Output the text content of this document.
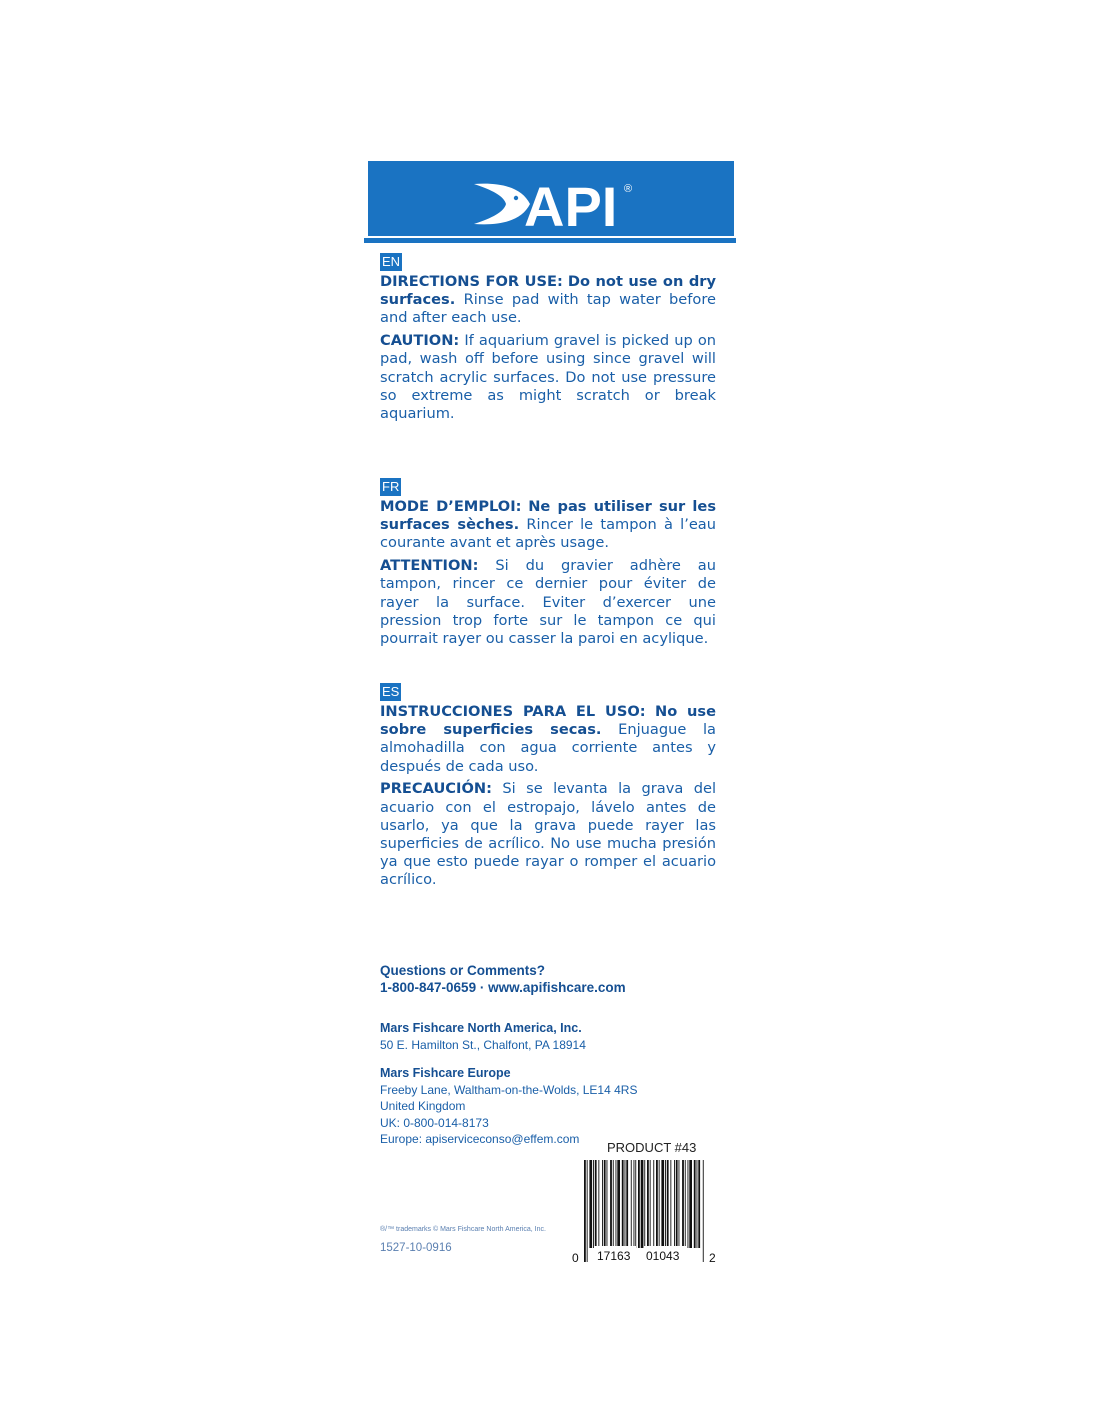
API ®
EN

DIRECTIONS FOR USE: Do not use on dry surfaces. Rinse pad with tap water before and after each use.

CAUTION: If aquarium gravel is picked up on pad, wash off before using since gravel will scratch acrylic surfaces. Do not use pressure so extreme as might scratch or break aquarium.

FR

MODE D’EMPLOI: Ne pas utiliser sur les surfaces sèches. Rincer le tampon à l’eau courante avant et après usage.

ATTENTION: Si du gravier adhère au tampon, rincer ce dernier pour éviter de rayer la surface. Eviter d’exercer une pression trop forte sur le tampon ce qui pourrait rayer ou casser la paroi en acylique.

ES

INSTRUCCIONES PARA EL USO: No use sobre superficies secas. Enjuague la almohadilla con agua corriente antes y después de cada uso.

PRECAUCIÓN: Si se levanta la grava del acuario con el estropajo, lávelo antes de usarlo, ya que la grava puede rayer las superficies de acrílico. No use mucha presión ya que esto puede rayar o romper el acuario acrílico.

Questions or Comments?
1-800-847-0659 · www.apifishcare.com
Mars Fishcare North America, Inc.
50 E. Hamilton St., Chalfont, PA 18914
Mars Fishcare Europe
Freeby Lane, Waltham-on-the-Wolds, LE14 4RS
United Kingdom
UK: 0-800-014-8173
Europe: apiserviceconso@effem.com
®/™ trademarks © Mars Fishcare North America, Inc.
1527-10-0916
PRODUCT #43
0 17163 01043 2
